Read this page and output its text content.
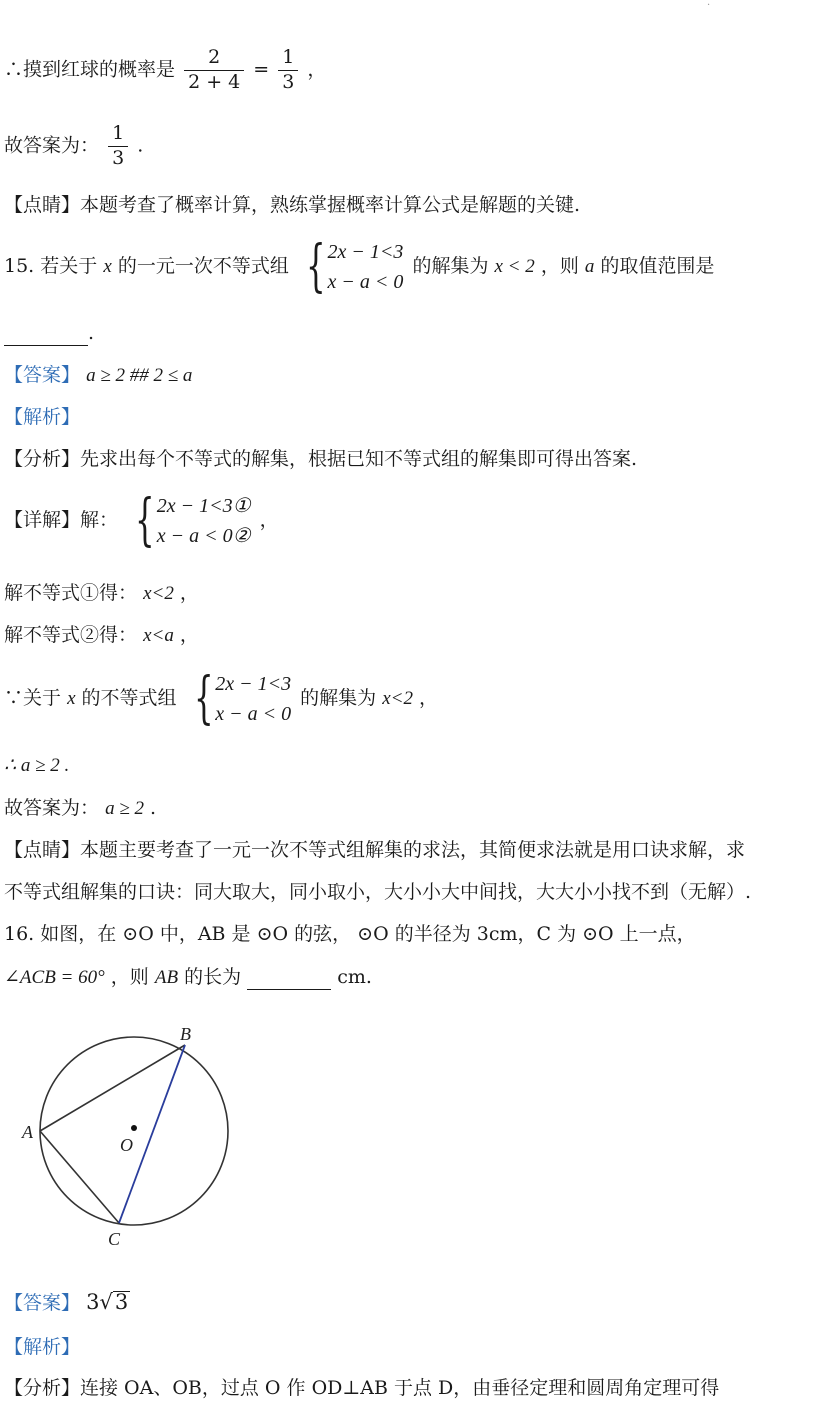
·
∴摸到红球的概率是 $\frac{2}{2 + 4} = \frac{1}{3}$ ，
故答案为： $\frac{1}{3}$ .
【点睛】本题考查了概率计算，熟练掌握概率计算公式是解题的关键.
15. 若关于 x 的一元一次不等式组 { 2x − 1<3
x − a < 0
的解集为 x < 2 ，则 a 的取值范围是
.
【答案】 a ≥ 2 ## 2 ≤ a
【解析】
【分析】先求出每个不等式的解集，根据已知不等式组的解集即可得出答案.
【详解】解： { 2x − 1<3①
x − a < 0②
，
解不等式①得： x<2 ，
解不等式②得： x<a ，
∵关于 x 的不等式组 { 2x − 1<3
x − a < 0
的解集为 x<2 ，
∴ a ≥ 2 .
故答案为： a ≥ 2 .
【点睛】本题主要考查了一元一次不等式组解集的求法，其简便求法就是用口诀求解，求
不等式组解集的口诀：同大取大，同小取小，大小小大中间找，大大小小找不到（无解）.
16. 如图，在 ⊙O 中，AB 是 ⊙O 的弦， ⊙O 的半径为 3cm，C 为 ⊙O 上一点，
∠ACB = 60° ，则 AB 的长为	cm.
A
B
C
O
【答案】 3√3
【解析】
【分析】连接 OA、OB，过点 O 作 OD⊥AB 于点 D，由垂径定理和圆周角定理可得
